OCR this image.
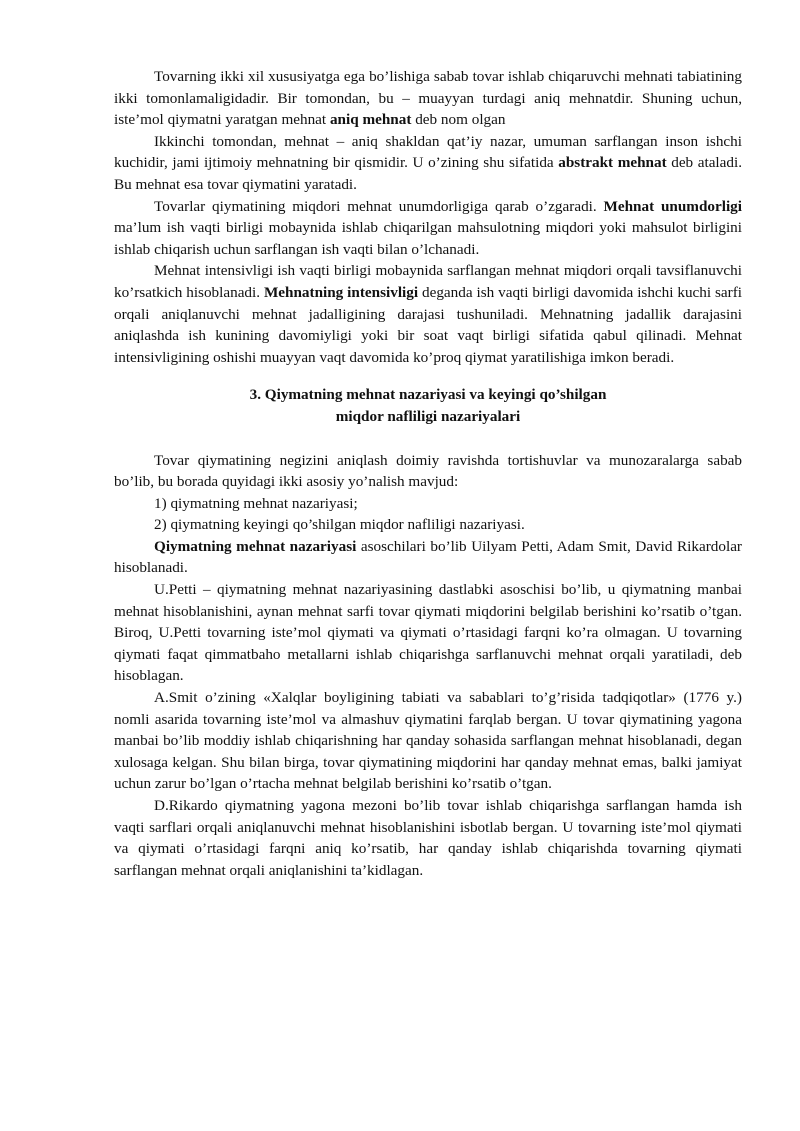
Tovarning ikki xil xususiyatga ega bo’lishiga sabab tovar ishlab chiqaruvchi mehnati tabiatining ikki tomonlamaligidadir. Bir tomondan, bu – muayyan turdagi aniq mehnatdir. Shuning uchun, iste’mol qiymatni yaratgan mehnat aniq mehnat deb nom olgan

Ikkinchi tomondan, mehnat – aniq shakldan qat’iy nazar, umuman sarflangan inson ishchi kuchidir, jami ijtimoiy mehnatning bir qismidir. U o’zining shu sifatida abstrakt mehnat deb ataladi. Bu mehnat esa tovar qiymatini yaratadi.

Tovarlar qiymatining miqdori mehnat unumdorligiga qarab o’zgaradi. Mehnat unumdorligi ma’lum ish vaqti birligi mobaynida ishlab chiqarilgan mahsulotning miqdori yoki mahsulot birligini ishlab chiqarish uchun sarflangan ish vaqti bilan o’lchanadi.

Mehnat intensivligi ish vaqti birligi mobaynida sarflangan mehnat miqdori orqali tavsiflanuvchi ko’rsatkich hisoblanadi. Mehnatning intensivligi deganda ish vaqti birligi davomida ishchi kuchi sarfi orqali aniqlanuvchi mehnat jadalligining darajasi tushuniladi. Mehnatning jadallik darajasini aniqlashda ish kunining davomiyligi yoki bir soat vaqt birligi sifatida qabul qilinadi. Mehnat intensivligining oshishi muayyan vaqt davomida ko’proq qiymat yaratilishiga imkon beradi.

3. Qiymatning mehnat nazariyasi va keyingi qo’shilgan
miqdor nafliligi nazariyalari

Tovar qiymatining negizini aniqlash doimiy ravishda tortishuvlar va munozaralarga sabab bo’lib, bu borada quyidagi ikki asosiy yo’nalish mavjud:

1) qiymatning mehnat nazariyasi;

2) qiymatning keyingi qo’shilgan miqdor nafliligi nazariyasi.

Qiymatning mehnat nazariyasi asoschilari bo’lib Uilyam Petti, Adam Smit, David Rikardolar hisoblanadi.

U.Petti – qiymatning mehnat nazariyasining dastlabki asoschisi bo’lib, u qiymatning manbai mehnat hisoblanishini, aynan mehnat sarfi tovar qiymati miqdorini belgilab berishini ko’rsatib o’tgan. Biroq, U.Petti tovarning iste’mol qiymati va qiymati o’rtasidagi farqni ko’ra olmagan. U tovarning qiymati faqat qimmatbaho metallarni ishlab chiqarishga sarflanuvchi mehnat orqali yaratiladi, deb hisoblagan.

A.Smit o’zining «Xalqlar boyligining tabiati va sabablari to’g’risida tadqiqotlar» (1776 y.) nomli asarida tovarning iste’mol va almashuv qiymatini farqlab bergan. U tovar qiymatining yagona manbai bo’lib moddiy ishlab chiqarishning har qanday sohasida sarflangan mehnat hisoblanadi, degan xulosaga kelgan. Shu bilan birga, tovar qiymatining miqdorini har qanday mehnat emas, balki jamiyat uchun zarur bo’lgan o’rtacha mehnat belgilab berishini ko’rsatib o’tgan.

D.Rikardo qiymatning yagona mezoni bo’lib tovar ishlab chiqarishga sarflangan hamda ish vaqti sarflari orqali aniqlanuvchi mehnat hisoblanishini isbotlab bergan. U tovarning iste’mol qiymati va qiymati o’rtasidagi farqni aniq ko’rsatib, har qanday ishlab chiqarishda tovarning qiymati sarflangan mehnat orqali aniqlanishini ta’kidlagan.
